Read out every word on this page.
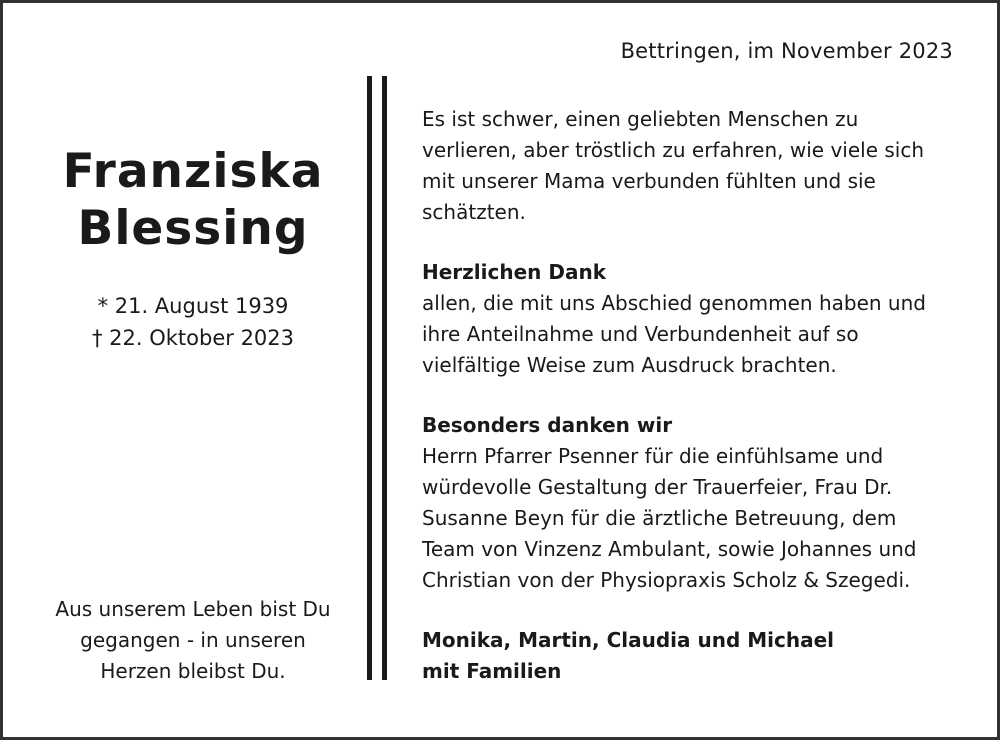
Bettringen, im November 2023
Franziska
Blessing
* 21. August 1939
† 22. Oktober 2023
Aus unserem Leben bist Du
gegangen - in unseren
Herzen bleibst Du.
Es ist schwer, einen geliebten Menschen zu
verlieren, aber tröstlich zu erfahren, wie viele sich
mit unserer Mama verbunden fühlten und sie
schätzten.
Herzlichen Dank
allen, die mit uns Abschied genommen haben und
ihre Anteilnahme und Verbundenheit auf so
vielfältige Weise zum Ausdruck brachten.
Besonders danken wir
Herrn Pfarrer Psenner für die einfühlsame und
würdevolle Gestaltung der Trauerfeier, Frau Dr.
Susanne Beyn für die ärztliche Betreuung, dem
Team von Vinzenz Ambulant, sowie Johannes und
Christian von der Physiopraxis Scholz & Szegedi.
Monika, Martin, Claudia und Michael
mit Familien
